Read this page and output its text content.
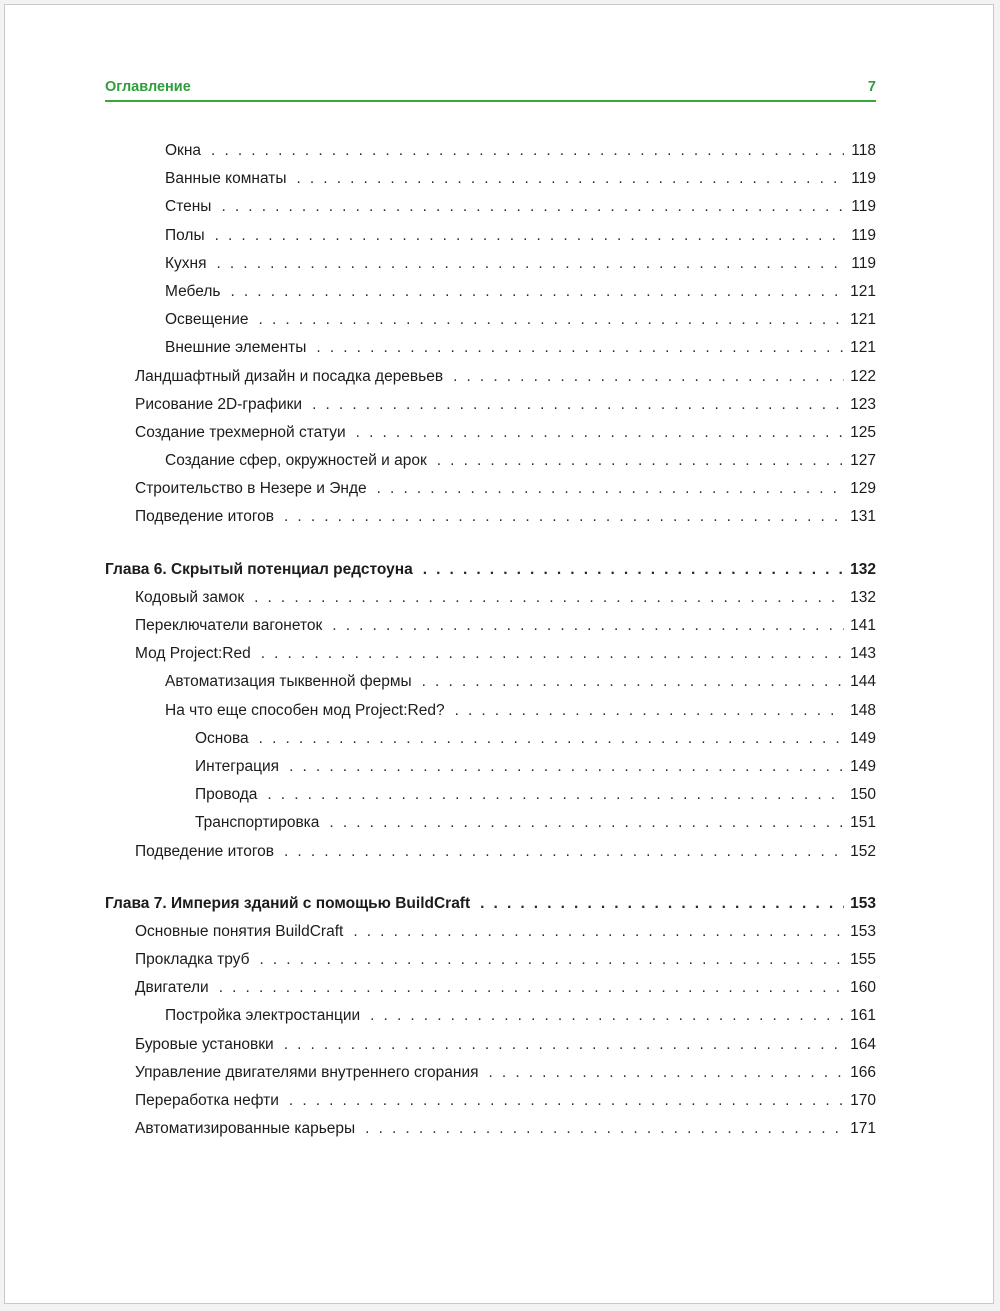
Оглавление	7
Окна . . .	118
Ванные комнаты . . .	119
Стены . . .	119
Полы . . .	119
Кухня . . .	119
Мебель . . .	121
Освещение . . .	121
Внешние элементы . . .	121
Ландшафтный дизайн и посадка деревьев . . .	122
Рисование 2D-графики . . .	123
Создание трехмерной статуи . . .	125
Создание сфер, окружностей и арок . . .	127
Строительство в Незере и Энде . . .	129
Подведение итогов . . .	131
Глава 6. Скрытый потенциал редстоуна . . .	132
Кодовый замок . . .	132
Переключатели вагонеток . . .	141
Мод Project:Red . . .	143
Автоматизация тыквенной фермы . . .	144
На что еще способен мод Project:Red? . . .	148
Основа . . .	149
Интеграция . . .	149
Провода . . .	150
Транспортировка . . .	151
Подведение итогов . . .	152
Глава 7. Империя зданий с помощью BuildCraft . . .	153
Основные понятия BuildCraft . . .	153
Прокладка труб . . .	155
Двигатели . . .	160
Постройка электростанции . . .	161
Буровые установки . . .	164
Управление двигателями внутреннего сгорания . . .	166
Переработка нефти . . .	170
Автоматизированные карьеры . . .	171
